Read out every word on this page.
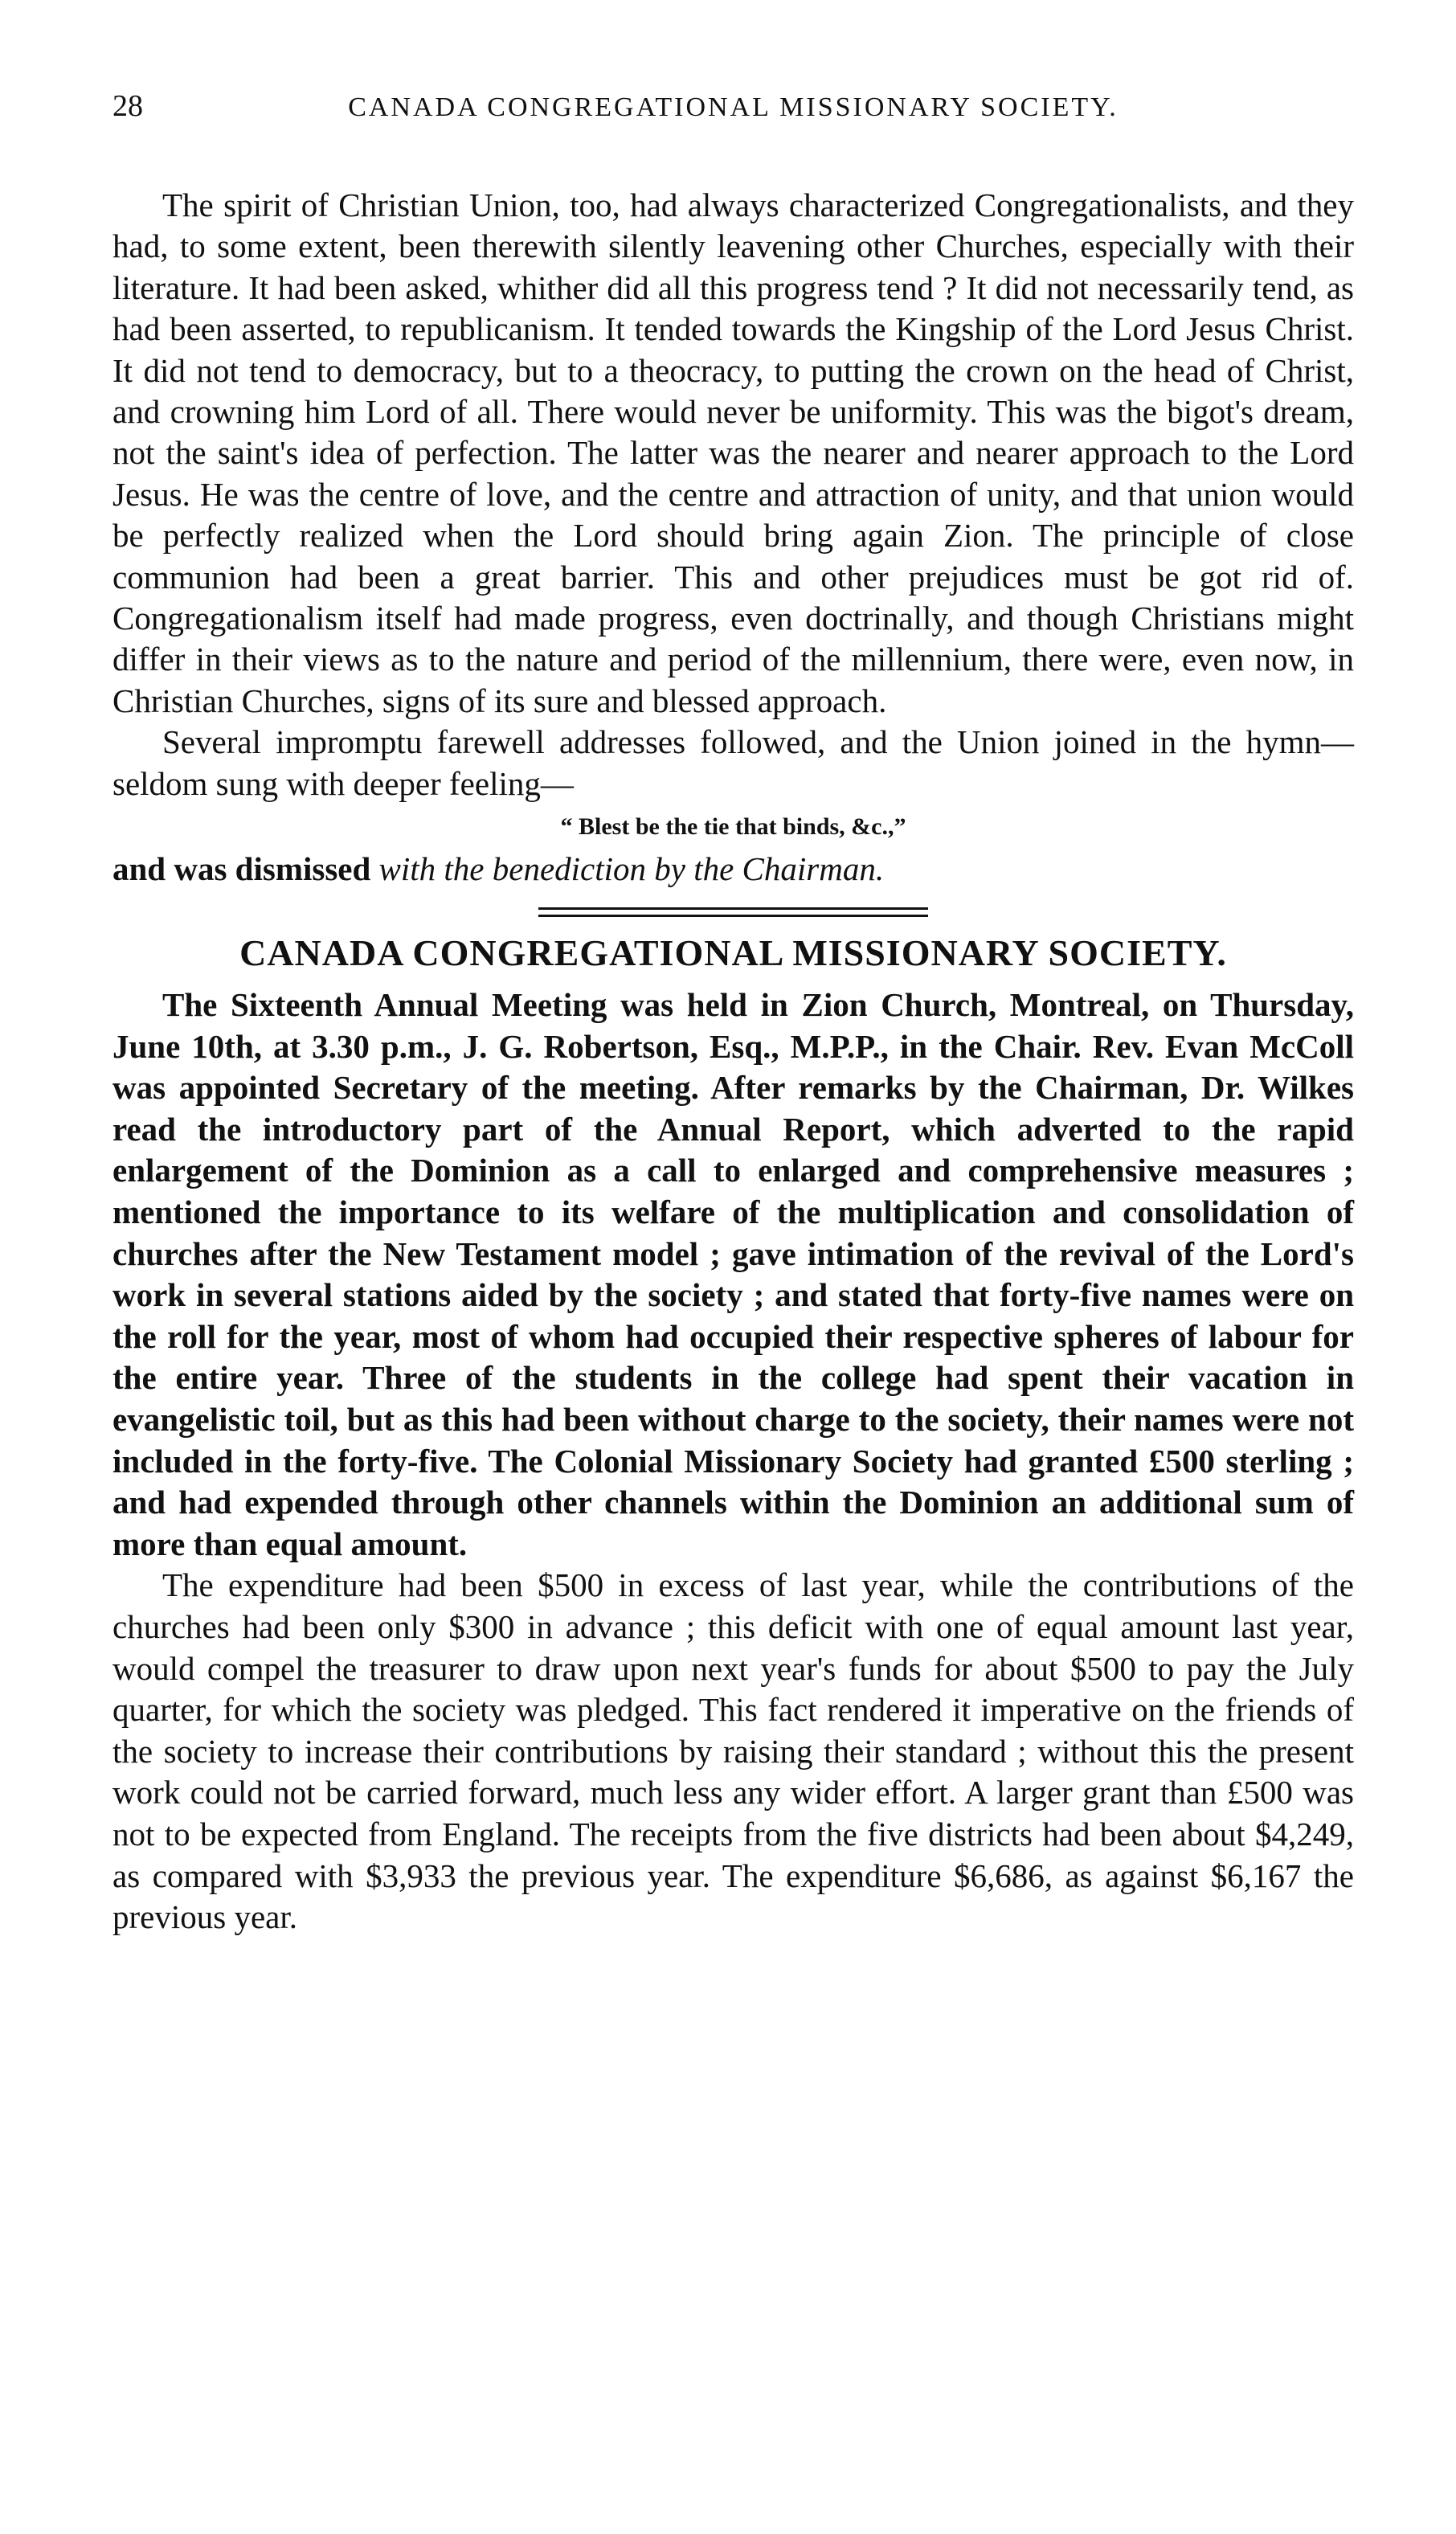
28	CANADA CONGREGATIONAL MISSIONARY SOCIETY.

The spirit of Christian Union, too, had always characterized Congregationalists, and they had, to some extent, been therewith silently leavening other Churches, especially with their literature. It had been asked, whither did all this progress tend ? It did not necessarily tend, as had been asserted, to republicanism. It tended towards the Kingship of the Lord Jesus Christ. It did not tend to democracy, but to a theocracy, to putting the crown on the head of Christ, and crowning him Lord of all. There would never be uniformity. This was the bigot's dream, not the saint's idea of perfection. The latter was the nearer and nearer approach to the Lord Jesus. He was the centre of love, and the centre and attraction of unity, and that union would be perfectly realized when the Lord should bring again Zion. The principle of close communion had been a great barrier. This and other prejudices must be got rid of. Congregationalism itself had made progress, even doctrinally, and though Christians might differ in their views as to the nature and period of the millennium, there were, even now, in Christian Churches, signs of its sure and blessed approach.

Several impromptu farewell addresses followed, and the Union joined in the hymn—seldom sung with deeper feeling—

“ Blest be the tie that binds, &c.,”

and was dismissed with the benediction by the Chairman.

CANADA CONGREGATIONAL MISSIONARY SOCIETY.

The Sixteenth Annual Meeting was held in Zion Church, Montreal, on Thursday, June 10th, at 3.30 p.m., J. G. Robertson, Esq., M.P.P., in the Chair. Rev. Evan McColl was appointed Secretary of the meeting. After remarks by the Chairman, Dr. Wilkes read the introductory part of the Annual Report, which adverted to the rapid enlargement of the Dominion as a call to enlarged and comprehensive measures ; mentioned the importance to its welfare of the multiplication and consolidation of churches after the New Testament model ; gave intimation of the revival of the Lord's work in several stations aided by the society ; and stated that forty-five names were on the roll for the year, most of whom had occupied their respective spheres of labour for the entire year. Three of the students in the college had spent their vacation in evangelistic toil, but as this had been without charge to the society, their names were not included in the forty-five. The Colonial Missionary Society had granted £500 sterling ; and had expended through other channels within the Dominion an additional sum of more than equal amount.

The expenditure had been $500 in excess of last year, while the contributions of the churches had been only $300 in advance ; this deficit with one of equal amount last year, would compel the treasurer to draw upon next year's funds for about $500 to pay the July quarter, for which the society was pledged. This fact rendered it imperative on the friends of the society to increase their contributions by raising their standard ; without this the present work could not be carried forward, much less any wider effort. A larger grant than £500 was not to be expected from England. The receipts from the five districts had been about $4,249, as compared with $3,933 the previous year. The expenditure $6,686, as against $6,167 the previous year.
